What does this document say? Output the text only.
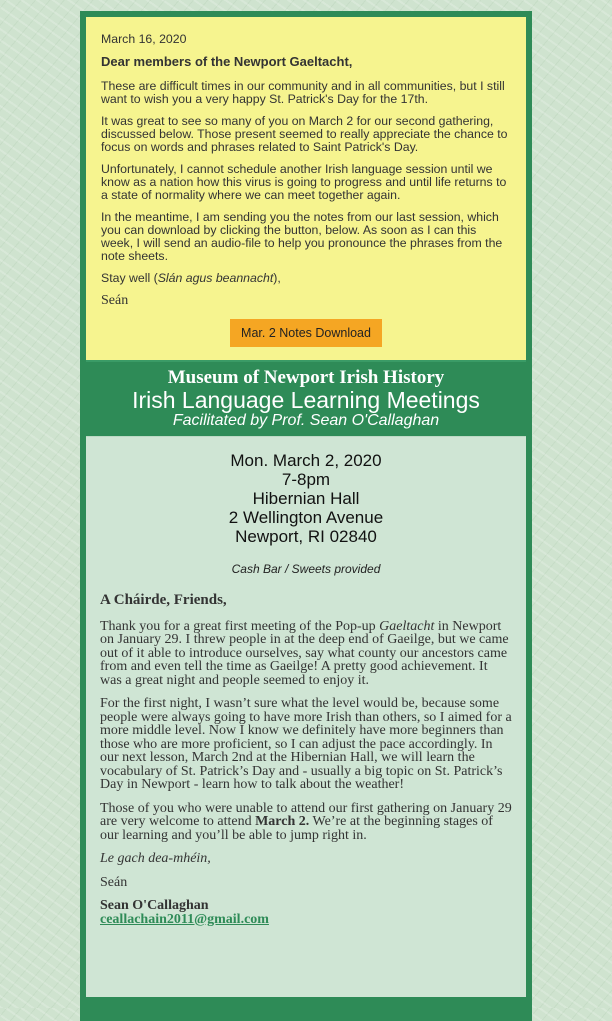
March 16, 2020

Dear members of the Newport Gaeltacht,

These are difficult times in our community and in all communities, but I still want to wish you a very happy St. Patrick's Day for the 17th.

It was great to see so many of you on March 2 for our second gathering, discussed below. Those present seemed to really appreciate the chance to focus on words and phrases related to Saint Patrick's Day.

Unfortunately, I cannot schedule another Irish language session until we know as a nation how this virus is going to progress and until life returns to a state of normality where we can meet together again.

In the meantime, I am sending you the notes from our last session, which you can download by clicking the button, below. As soon as I can this week, I will send an audio-file to help you pronounce the phrases from the note sheets.

Stay well (Slán agus beannacht),

Seán

Mar. 2 Notes Download
Museum of Newport Irish History
Irish Language Learning Meetings
Facilitated by Prof. Sean O'Callaghan
Mon. March 2, 2020
7-8pm
Hibernian Hall
2 Wellington Avenue
Newport, RI 02840
Cash Bar / Sweets provided

A Cháirde, Friends,

Thank you for a great first meeting of the Pop-up Gaeltacht in Newport on January 29. I threw people in at the deep end of Gaeilge, but we came out of it able to introduce ourselves, say what county our ancestors came from and even tell the time as Gaeilge! A pretty good achievement. It was a great night and people seemed to enjoy it.

For the first night, I wasn’t sure what the level would be, because some people were always going to have more Irish than others, so I aimed for a more middle level. Now I know we definitely have more beginners than those who are more proficient, so I can adjust the pace accordingly. In our next lesson, March 2nd at the Hibernian Hall, we will learn the vocabulary of St. Patrick’s Day and - usually a big topic on St. Patrick’s Day in Newport - learn how to talk about the weather!

Those of you who were unable to attend our first gathering on January 29 are very welcome to attend March 2. We’re at the beginning stages of our learning and you’ll be able to jump right in.

Le gach dea-mhéin,

Seán

Sean O'Callaghan
ceallachain2011@gmail.com
